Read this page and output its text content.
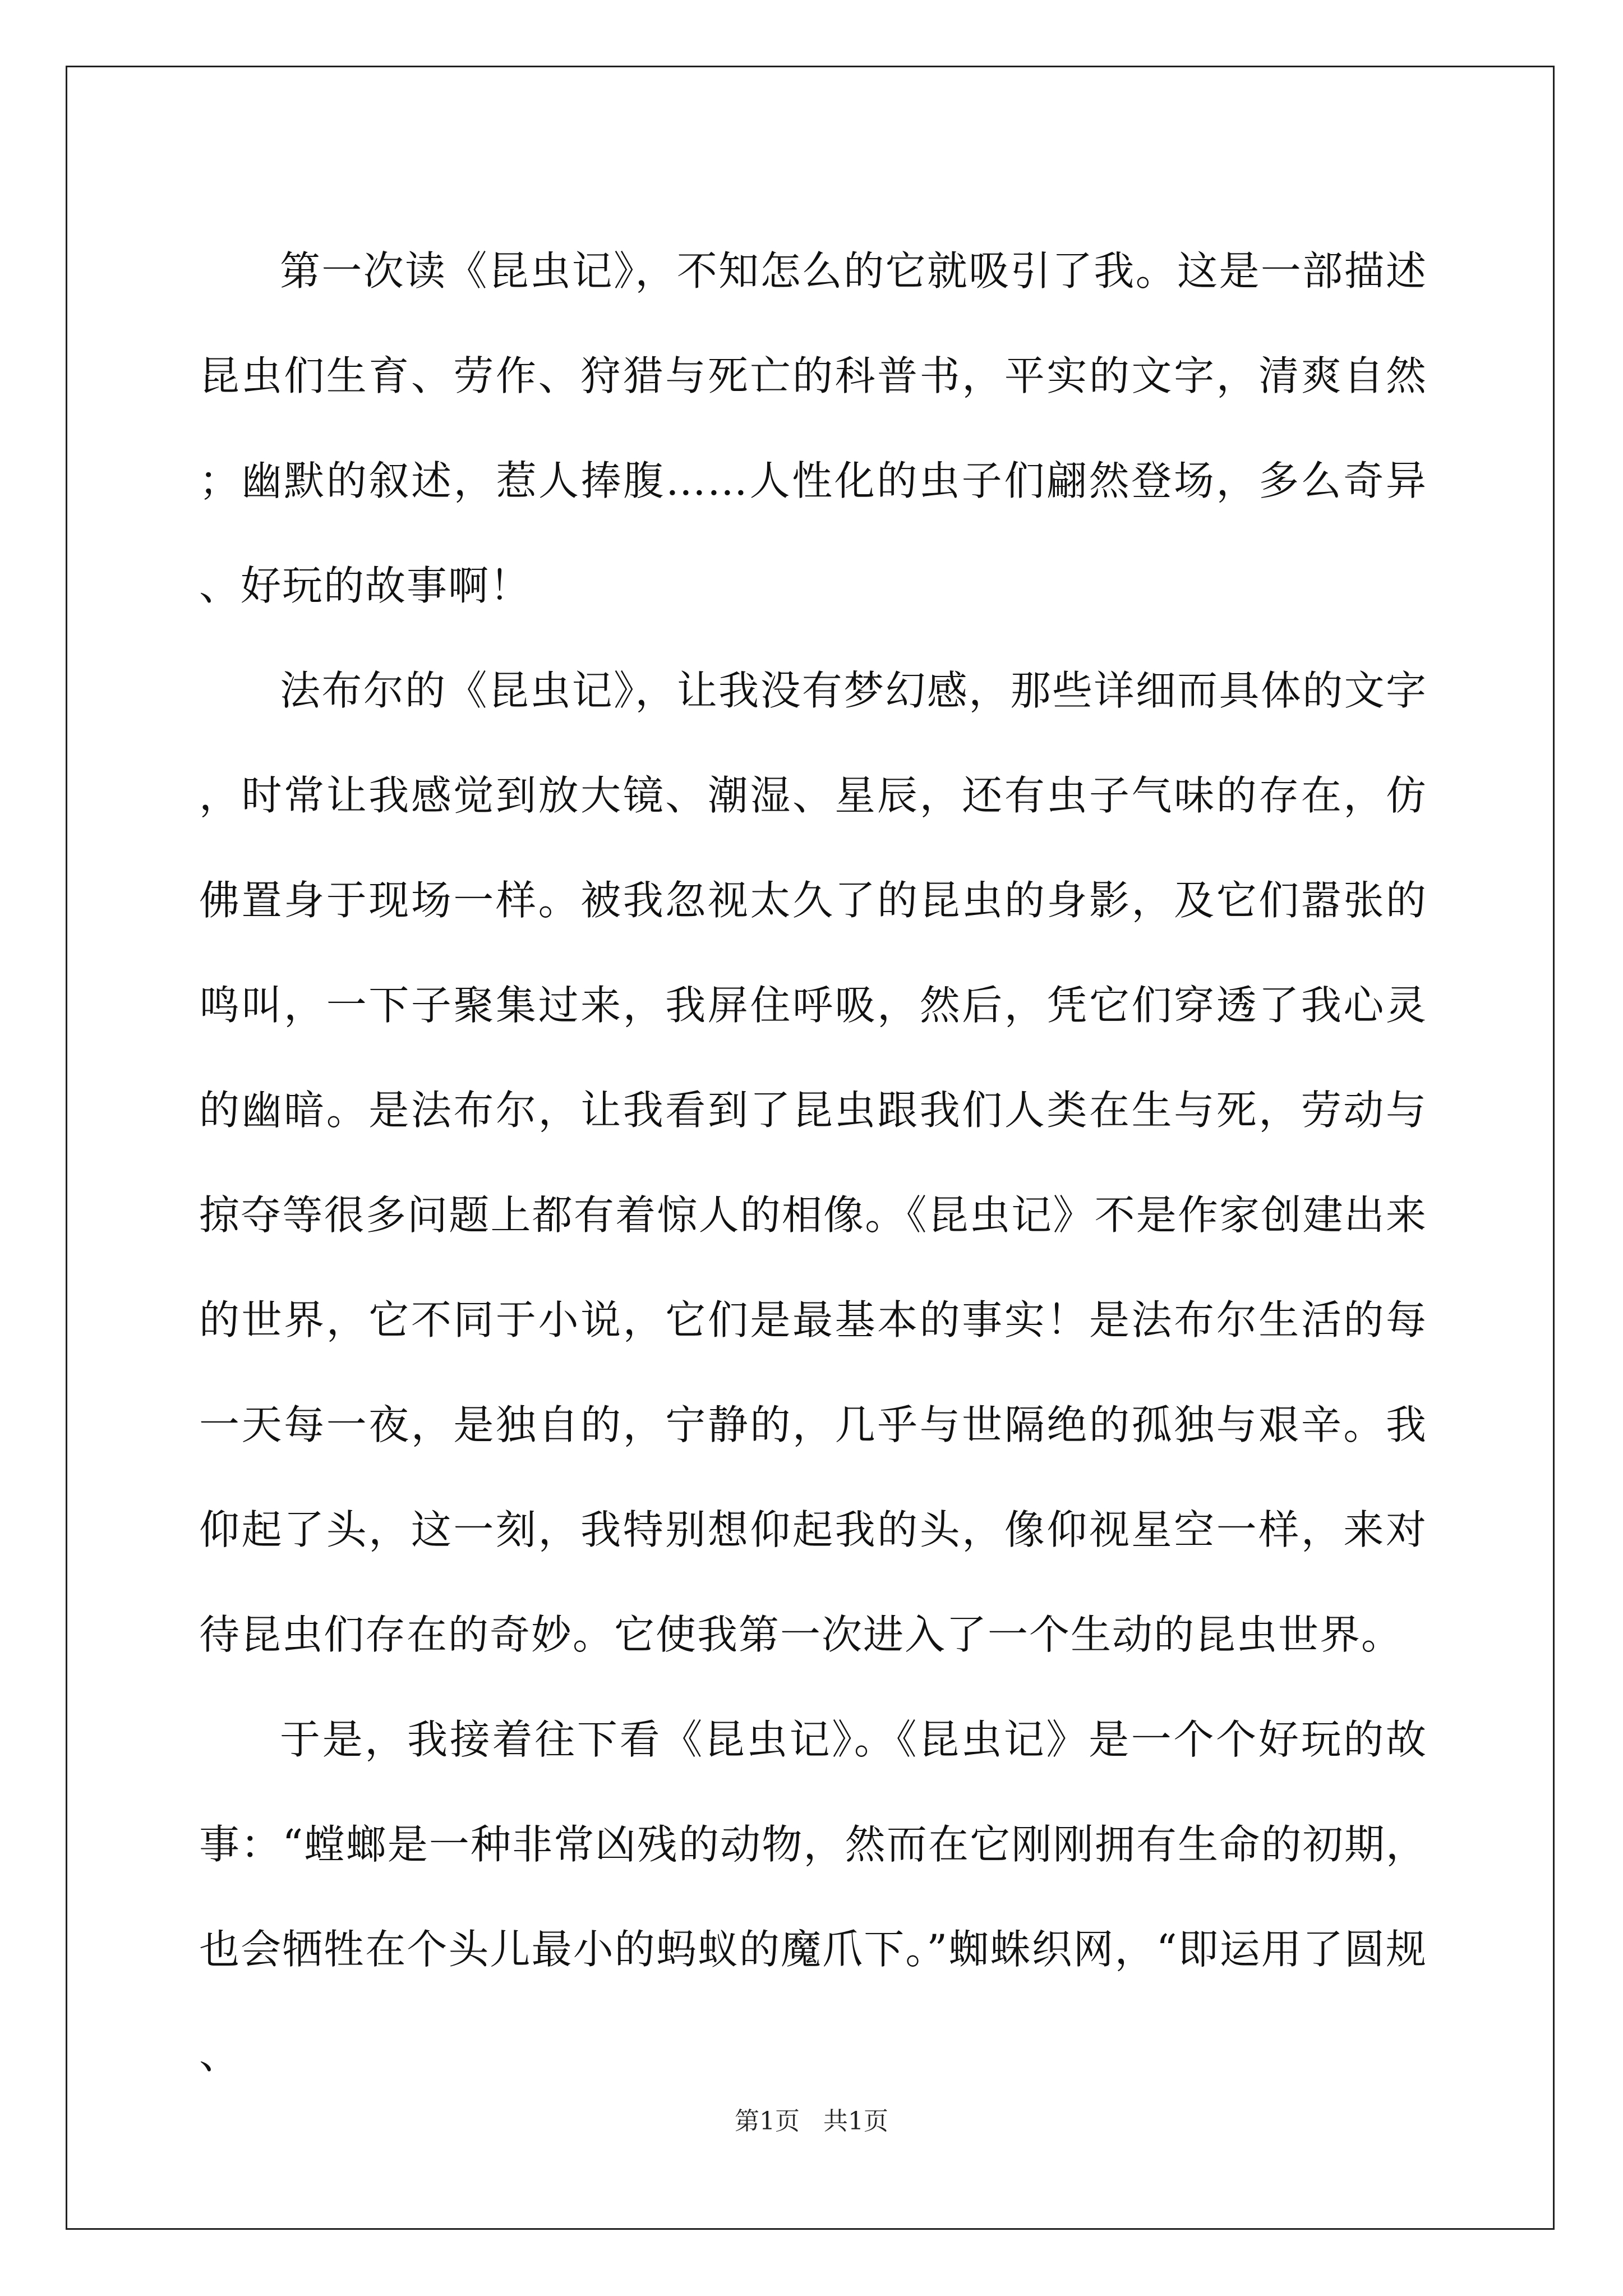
第一次读《昆虫记》，不知怎么的它就吸引了我。这是一部描述昆虫们生育、劳作、狩猎与死亡的科普书，平实的文字，清爽自然；幽默的叙述，惹人捧腹……人性化的虫子们翩然登场，多么奇异、好玩的故事啊！

法布尔的《昆虫记》，让我没有梦幻感，那些详细而具体的文字，时常让我感觉到放大镜、潮湿、星辰，还有虫子气味的存在，仿佛置身于现场一样。被我忽视太久了的昆虫的身影，及它们嚣张的鸣叫，一下子聚集过来，我屏住呼吸，然后，凭它们穿透了我心灵的幽暗。是法布尔，让我看到了昆虫跟我们人类在生与死，劳动与掠夺等很多问题上都有着惊人的相像。《昆虫记》不是作家创建出来的世界，它不同于小说，它们是最基本的事实！是法布尔生活的每一天每一夜，是独自的，宁静的，几乎与世隔绝的孤独与艰辛。我仰起了头，这一刻，我特别想仰起我的头，像仰视星空一样，来对待昆虫们存在的奇妙。它使我第一次进入了一个生动的昆虫世界。

于是，我接着往下看《昆虫记》。《昆虫记》是一个个好玩的故事：“螳螂是一种非常凶残的动物，然而在它刚刚拥有生命的初期，也会牺牲在个头儿最小的蚂蚁的魔爪下。”蜘蛛织网，“即运用了圆规、

第1页   共1页
